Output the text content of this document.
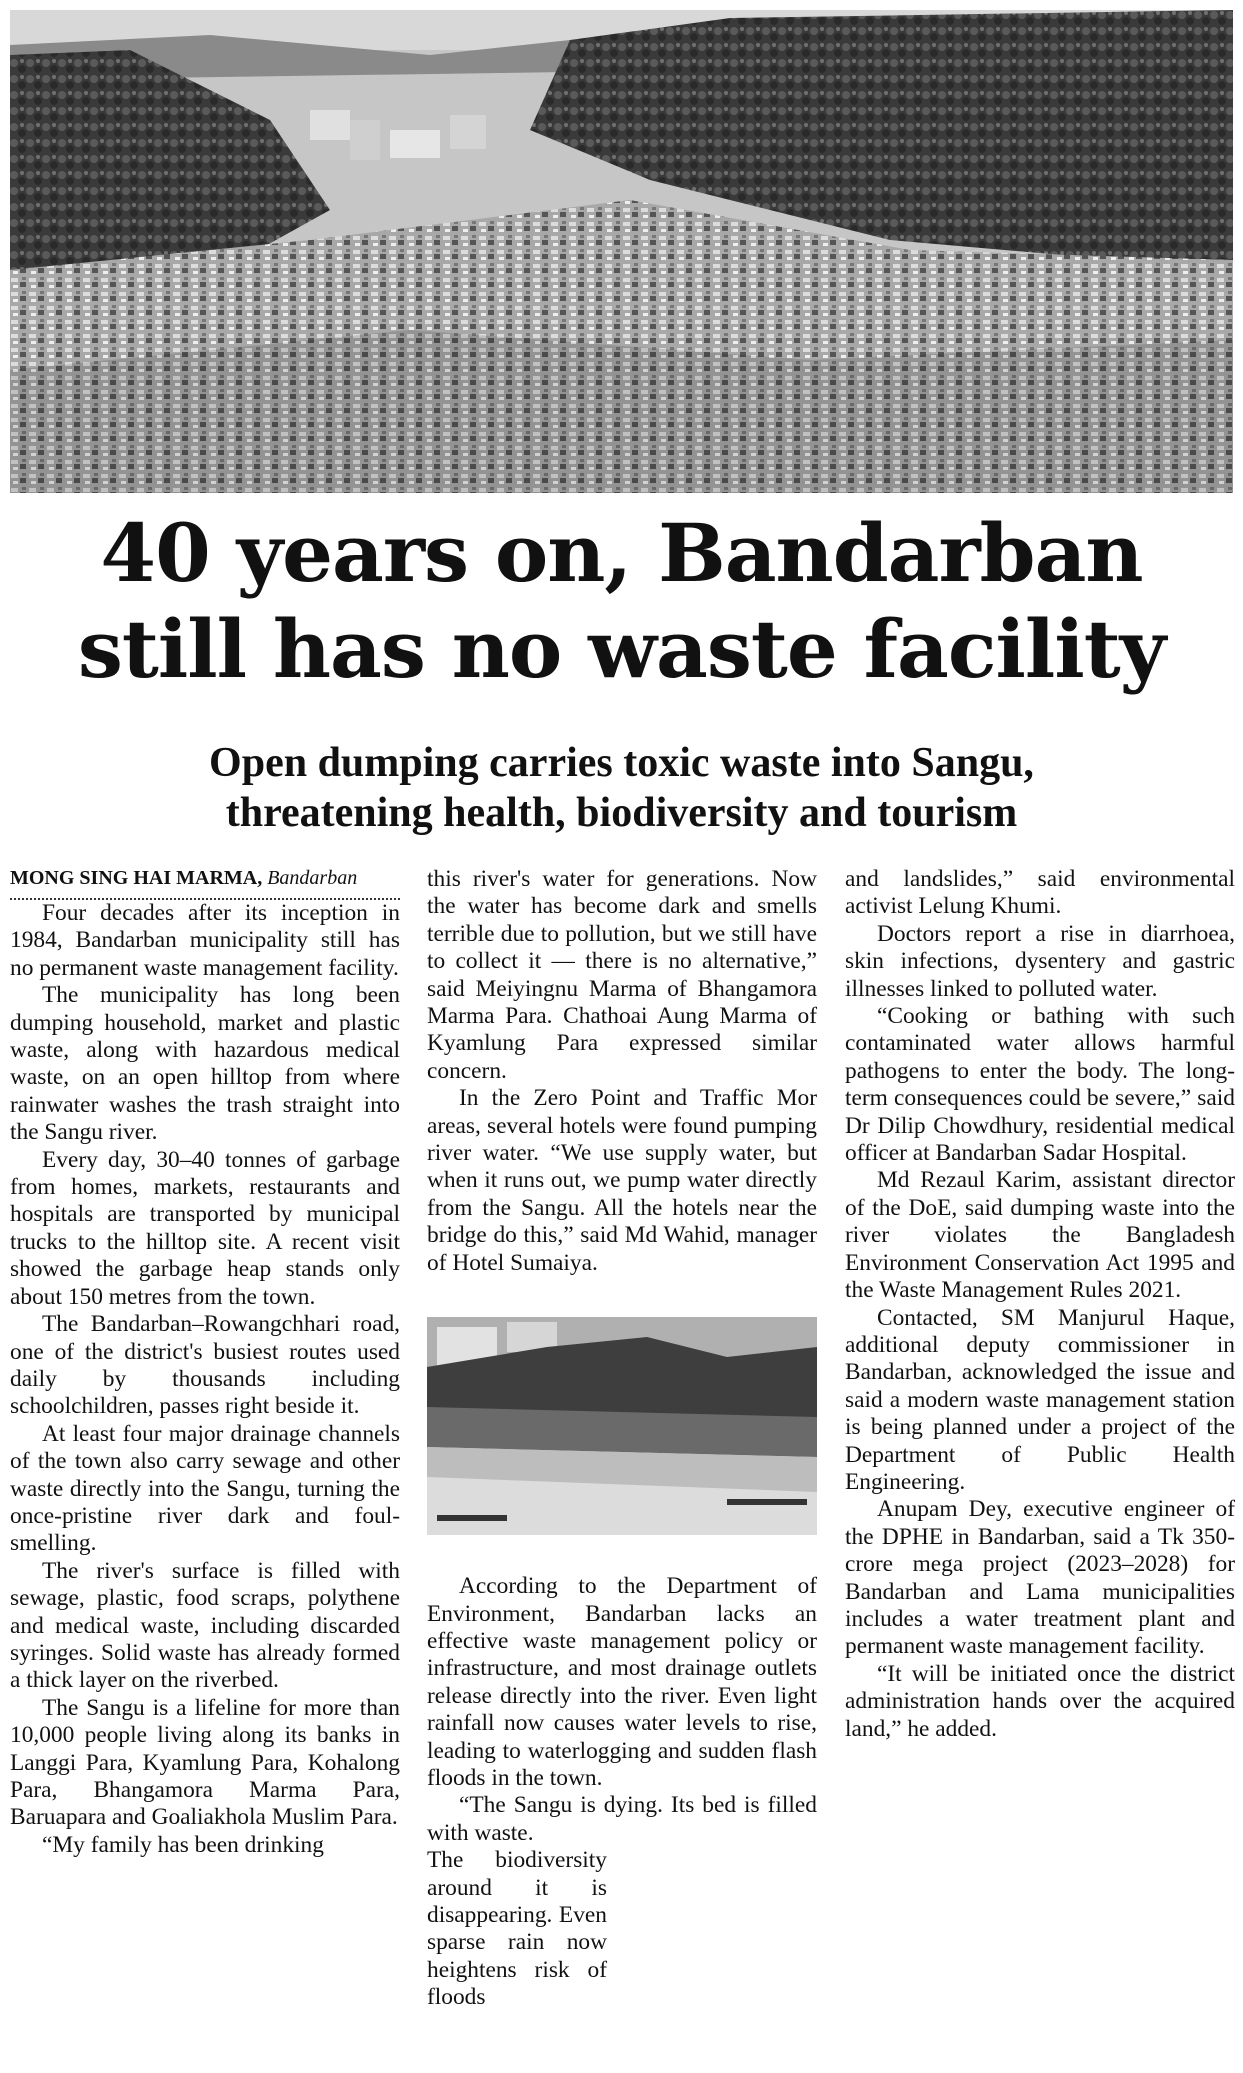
40 years on, Bandarban
still has no waste facility
Open dumping carries toxic waste into Sangu,
threatening health, biodiversity and tourism

MONG SING HAI MARMA, Bandarban

Four decades after its inception in 1984, Bandarban municipality still has no permanent waste management facility.

The municipality has long been dumping household, market and plastic waste, along with hazardous medical waste, on an open hilltop from where rainwater washes the trash straight into the Sangu river.

Every day, 30–40 tonnes of garbage from homes, markets, restaurants and hospitals are transported by municipal trucks to the hilltop site. A recent visit showed the garbage heap stands only about 150 metres from the town.

The Bandarban–Rowangchhari road, one of the district's busiest routes used daily by thousands including schoolchildren, passes right beside it.

At least four major drainage channels of the town also carry sewage and other waste directly into the Sangu, turning the once-pristine river dark and foul-smelling.

The river's surface is filled with sewage, plastic, food scraps, polythene and medical waste, including discarded syringes. Solid waste has already formed a thick layer on the riverbed.

The Sangu is a lifeline for more than 10,000 people living along its banks in Langgi Para, Kyamlung Para, Kohalong Para, Bhangamora Marma Para, Baruapara and Goaliakhola Muslim Para.

“My family has been drinking

this river's water for generations. Now the water has become dark and smells terrible due to pollution, but we still have to collect it — there is no alternative,” said Meiyingnu Marma of Bhangamora Marma Para. Chathoai Aung Marma of Kyamlung Para expressed similar concern.

In the Zero Point and Traffic Mor areas, several hotels were found pumping river water. “We use supply water, but when it runs out, we pump water directly from the Sangu. All the hotels near the bridge do this,” said Md Wahid, manager of Hotel Sumaiya.

According to the Department of Environment, Bandarban lacks an effective waste management policy or infrastructure, and most drainage outlets release directly into the river. Even light rainfall now causes water levels to rise, leading to waterlogging and sudden flash floods in the town.

“The Sangu is dying. Its bed is filled with waste.

The biodiversity around it is disappearing. Even sparse rain now heightens risk of floods

and landslides,” said environmental activist Lelung Khumi.

Doctors report a rise in diarrhoea, skin infections, dysentery and gastric illnesses linked to polluted water.

“Cooking or bathing with such contaminated water allows harmful pathogens to enter the body. The long-term consequences could be severe,” said Dr Dilip Chowdhury, residential medical officer at Bandarban Sadar Hospital.

Md Rezaul Karim, assistant director of the DoE, said dumping waste into the river violates the Bangladesh Environment Conservation Act 1995 and the Waste Management Rules 2021.

Contacted, SM Manjurul Haque, additional deputy commissioner in Bandarban, acknowledged the issue and said a modern waste management station is being planned under a project of the Department of Public Health Engineering.

Anupam Dey, executive engineer of the DPHE in Bandarban, said a Tk 350-crore mega project (2023–2028) for Bandarban and Lama municipalities includes a water treatment plant and permanent waste management facility.

“It will be initiated once the district administration hands over the acquired land,” he added.
